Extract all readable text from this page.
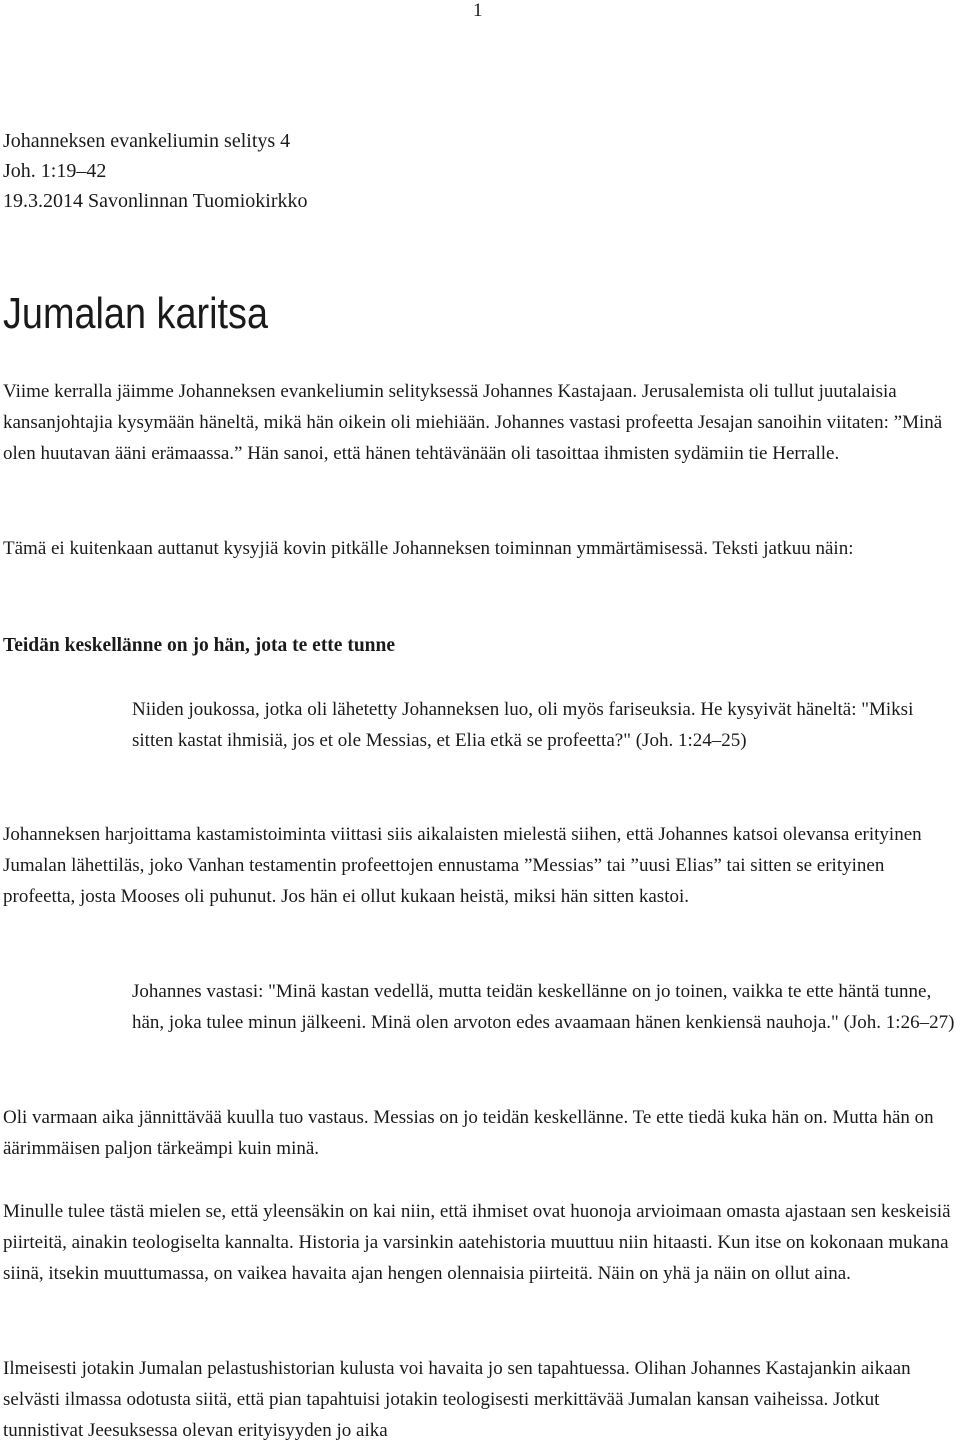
1
Johanneksen evankeliumin selitys 4
Joh. 1:19–42
19.3.2014 Savonlinnan Tuomiokirkko
Jumalan karitsa

Viime kerralla jäimme Johanneksen evankeliumin selityksessä Johannes Kastajaan. Jerusalemista oli tullut juutalaisia kansanjohtajia kysymään häneltä, mikä hän oikein oli miehiään. Johannes vastasi profeetta Jesajan sanoihin viitaten: ”Minä olen huutavan ääni erämaassa.” Hän sanoi, että hänen tehtävänään oli tasoittaa ihmisten sydämiin tie Herralle.

Tämä ei kuitenkaan auttanut kysyjiä kovin pitkälle Johanneksen toiminnan ymmärtämisessä. Teksti jatkuu näin:

Teidän keskellänne on jo hän, jota te ette tunne

Niiden joukossa, jotka oli lähetetty Johanneksen luo, oli myös fariseuksia. He kysyivät häneltä: "Miksi sitten kastat ihmisiä, jos et ole Messias, et Elia etkä se profeetta?" (Joh. 1:24–25)

Johanneksen harjoittama kastamistoiminta viittasi siis aikalaisten mielestä siihen, että Johannes katsoi olevansa erityinen Jumalan lähettiläs, joko Vanhan testamentin profeettojen ennustama ”Messias” tai ”uusi Elias” tai sitten se erityinen profeetta, josta Mooses oli puhunut. Jos hän ei ollut kukaan heistä, miksi hän sitten kastoi.

Johannes vastasi: "Minä kastan vedellä, mutta teidän keskellänne on jo toinen, vaikka te ette häntä tunne, hän, joka tulee minun jälkeeni. Minä olen arvoton edes avaamaan hänen kenkiensä nauhoja." (Joh. 1:26–27)

Oli varmaan aika jännittävää kuulla tuo vastaus. Messias on jo teidän keskellänne. Te ette tiedä kuka hän on. Mutta hän on äärimmäisen paljon tärkeämpi kuin minä.

Minulle tulee tästä mielen se, että yleensäkin on kai niin, että ihmiset ovat huonoja arvioimaan omasta ajastaan sen keskeisiä piirteitä, ainakin teologiselta kannalta. Historia ja varsinkin aatehistoria muuttuu niin hitaasti. Kun itse on kokonaan mukana siinä, itsekin muuttumassa, on vaikea havaita ajan hengen olennaisia piirteitä. Näin on yhä ja näin on ollut aina.

Ilmeisesti jotakin Jumalan pelastushistorian kulusta voi havaita jo sen tapahtuessa. Olihan Johannes Kastajankin aikaan selvästi ilmassa odotusta siitä, että pian tapahtuisi jotakin teologisesti merkittävää Jumalan kansan vaiheissa. Jotkut tunnistivat Jeesuksessa olevan erityisyyden jo aika
